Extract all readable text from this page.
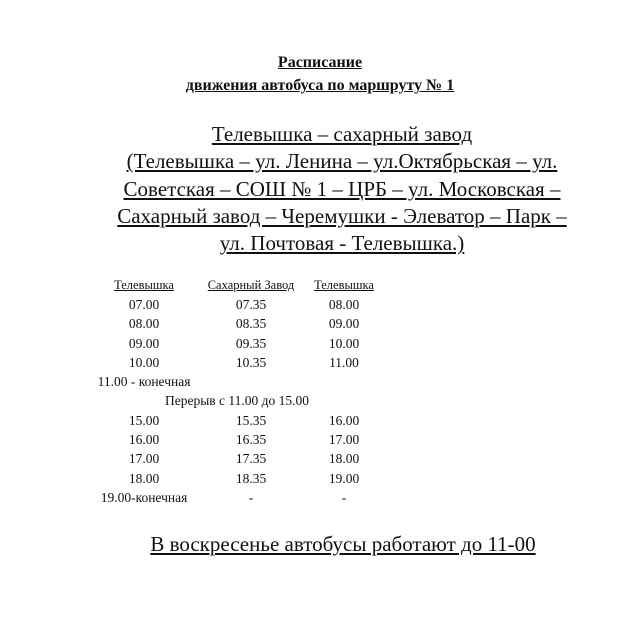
Расписание
движения автобуса по маршруту № 1
Телевышка – сахарный завод
(Телевышка – ул. Ленина – ул.Октябрьская – ул.
Советская – СОШ № 1 – ЦРБ – ул. Московская –
Сахарный завод – Черемушки - Элеватор – Парк –
ул. Почтовая - Телевышка.)
Телевышка	Сахарный Завод	Телевышка
07.00	07.35	08.00
08.00	08.35	09.00
09.00	09.35	10.00
10.00	10.35	11.00
11.00 - конечная		
Перерыв с 11.00 до 15.00		
15.00	15.35	16.00
16.00	16.35	17.00
17.00	17.35	18.00
18.00	18.35	19.00
19.00-конечная	-	-

В воскресенье автобусы работают до 11-00
